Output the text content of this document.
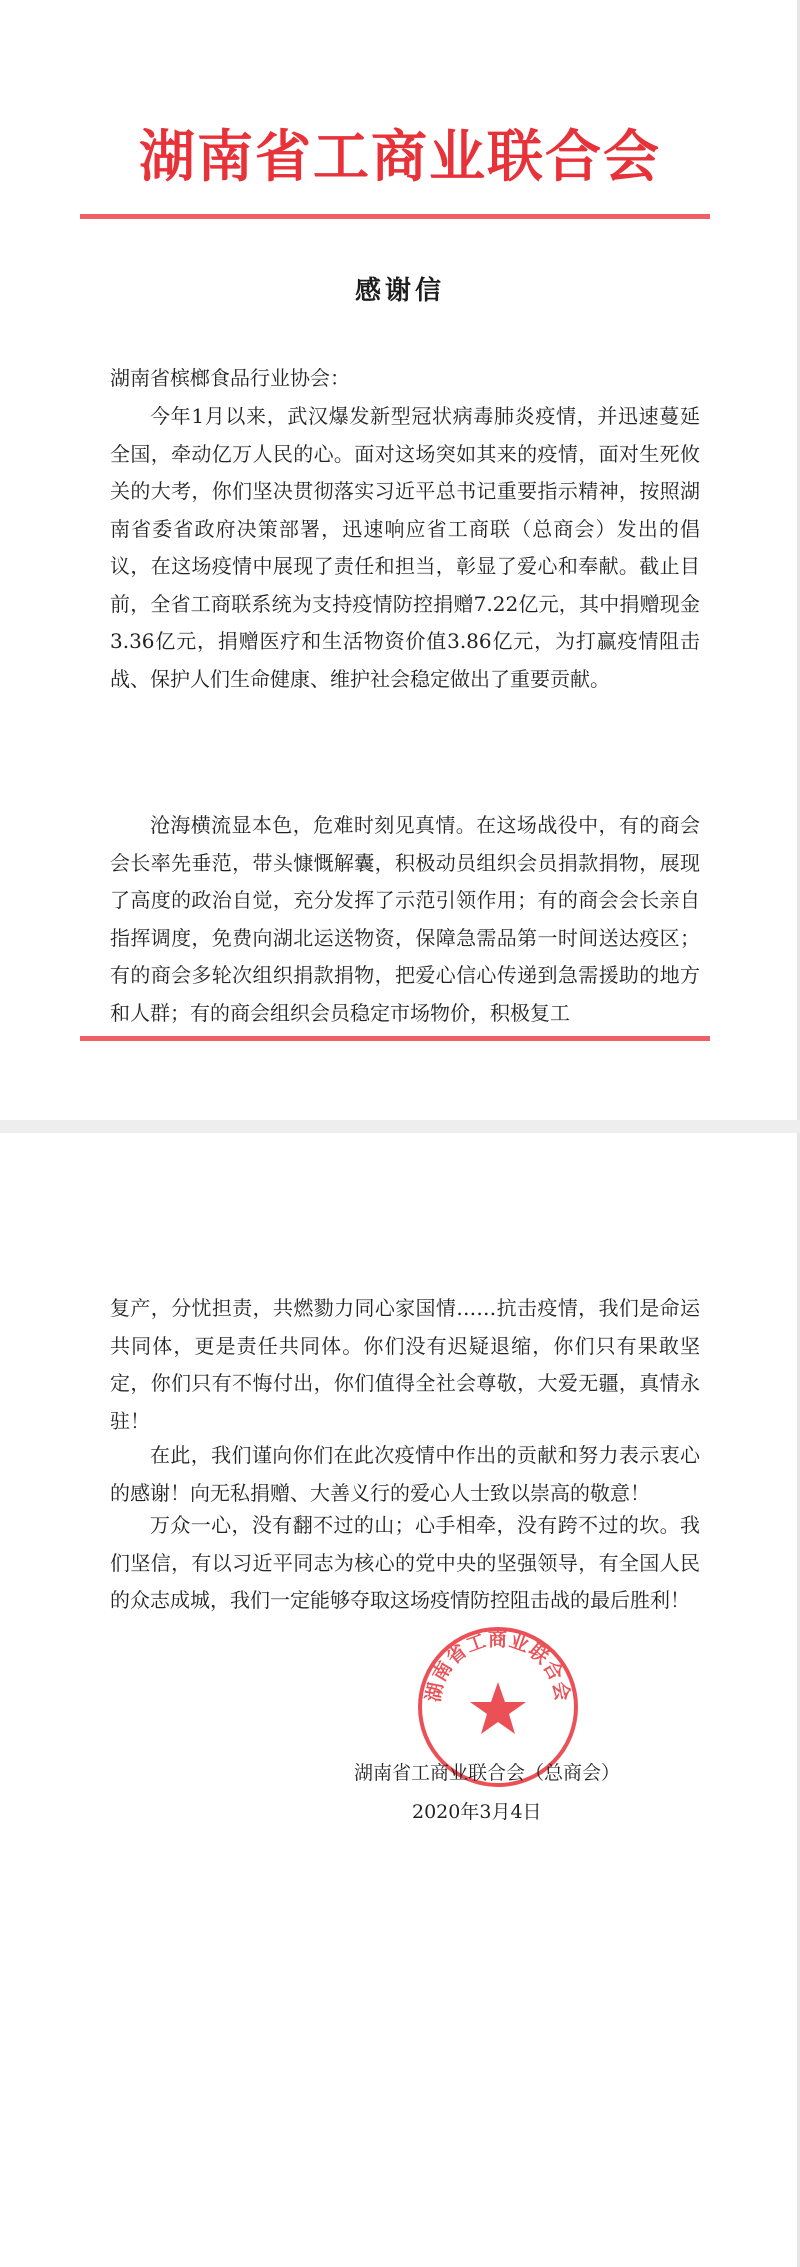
湖南省工商业联合会
感谢信
湖南省槟榔食品行业协会：

今年1月以来，武汉爆发新型冠状病毒肺炎疫情，并迅速蔓延全国，牵动亿万人民的心。面对这场突如其来的疫情，面对生死攸关的大考，你们坚决贯彻落实习近平总书记重要指示精神，按照湖南省委省政府决策部署，迅速响应省工商联（总商会）发出的倡议，在这场疫情中展现了责任和担当，彰显了爱心和奉献。截止目前，全省工商联系统为支持疫情防控捐赠7.22亿元，其中捐赠现金3.36亿元，捐赠医疗和生活物资价值3.86亿元，为打赢疫情阻击战、保护人们生命健康、维护社会稳定做出了重要贡献。

沧海横流显本色，危难时刻见真情。在这场战役中，有的商会会长率先垂范，带头慷慨解囊，积极动员组织会员捐款捐物，展现了高度的政治自觉，充分发挥了示范引领作用；有的商会会长亲自指挥调度，免费向湖北运送物资，保障急需品第一时间送达疫区；有的商会多轮次组织捐款捐物，把爱心信心传递到急需援助的地方和人群；有的商会组织会员稳定市场物价，积极复工

复产，分忧担责，共燃勠力同心家国情……抗击疫情，我们是命运共同体，更是责任共同体。你们没有迟疑退缩，你们只有果敢坚定，你们只有不悔付出，你们值得全社会尊敬，大爱无疆，真情永驻！

在此，我们谨向你们在此次疫情中作出的贡献和努力表示衷心的感谢！向无私捐赠、大善义行的爱心人士致以崇高的敬意！

万众一心，没有翻不过的山；心手相牵，没有跨不过的坎。我们坚信，有以习近平同志为核心的党中央的坚强领导，有全国人民的众志成城，我们一定能够夺取这场疫情防控阻击战的最后胜利！

湖南省工商业联合会
湖南省工商业联合会（总商会）
2020年3月4日
